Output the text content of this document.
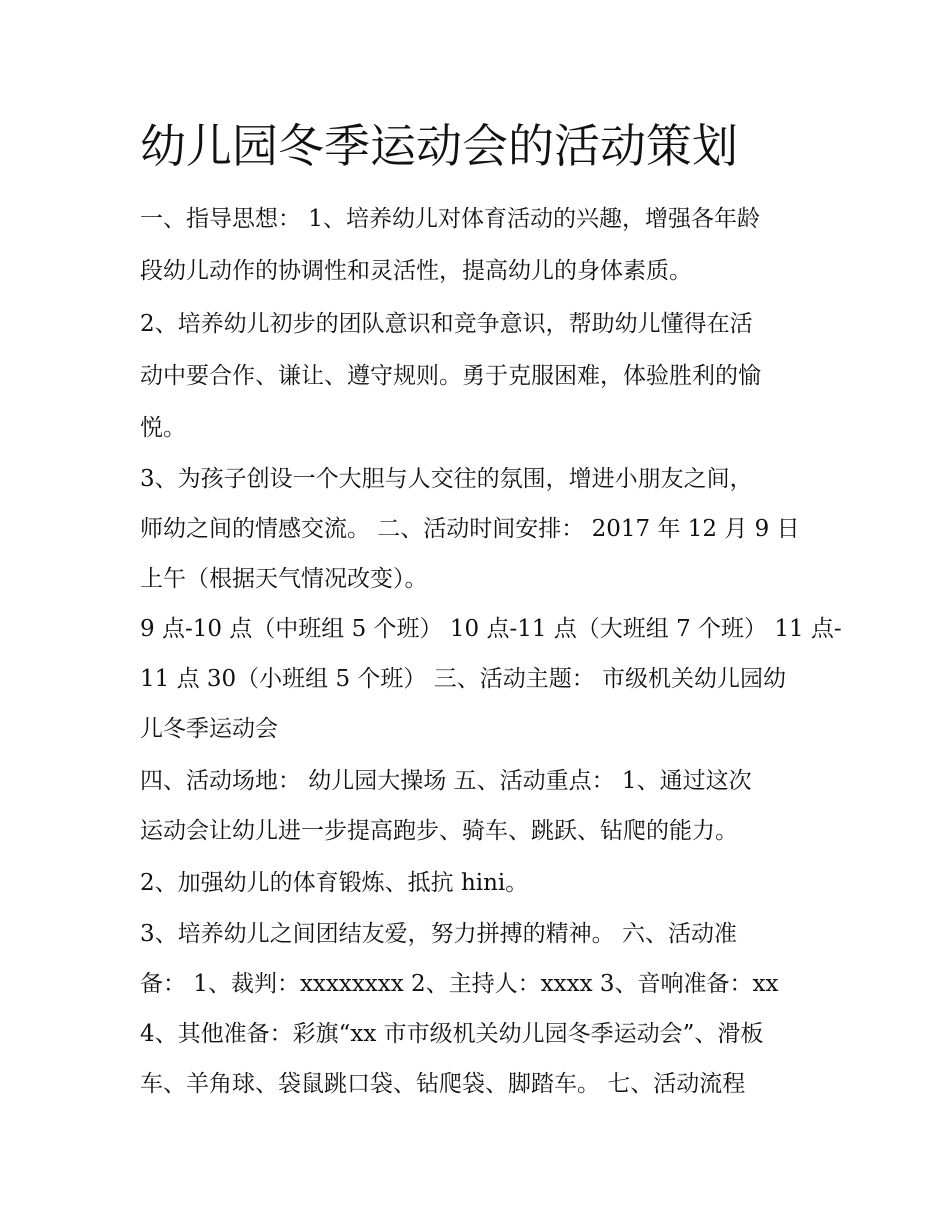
幼儿园冬季运动会的活动策划

一、指导思想： 1、培养幼儿对体育活动的兴趣，增强各年龄

段幼儿动作的协调性和灵活性，提高幼儿的身体素质。

2、培养幼儿初步的团队意识和竞争意识，帮助幼儿懂得在活

动中要合作、谦让、遵守规则。勇于克服困难，体验胜利的愉

悦。

3、为孩子创设一个大胆与人交往的氛围，增进小朋友之间，

师幼之间的情感交流。 二、活动时间安排： 2017 年 12 月 9 日

上午（根据天气情况改变）。

9 点-10 点（中班组 5 个班） 10 点-11 点（大班组 7 个班） 11 点-

11 点 30（小班组 5 个班） 三、活动主题： 市级机关幼儿园幼

儿冬季运动会

四、活动场地： 幼儿园大操场 五、活动重点： 1、通过这次

运动会让幼儿进一步提高跑步、骑车、跳跃、钻爬的能力。

2、加强幼儿的体育锻炼、抵抗 hini。

3、培养幼儿之间团结友爱，努力拼搏的精神。 六、活动准

备： 1、裁判：xxxxxxxx 2、主持人：xxxx 3、音响准备：xx

4、其他准备：彩旗“xx 市市级机关幼儿园冬季运动会”、滑板

车、羊角球、袋鼠跳口袋、钻爬袋、脚踏车。 七、活动流程
